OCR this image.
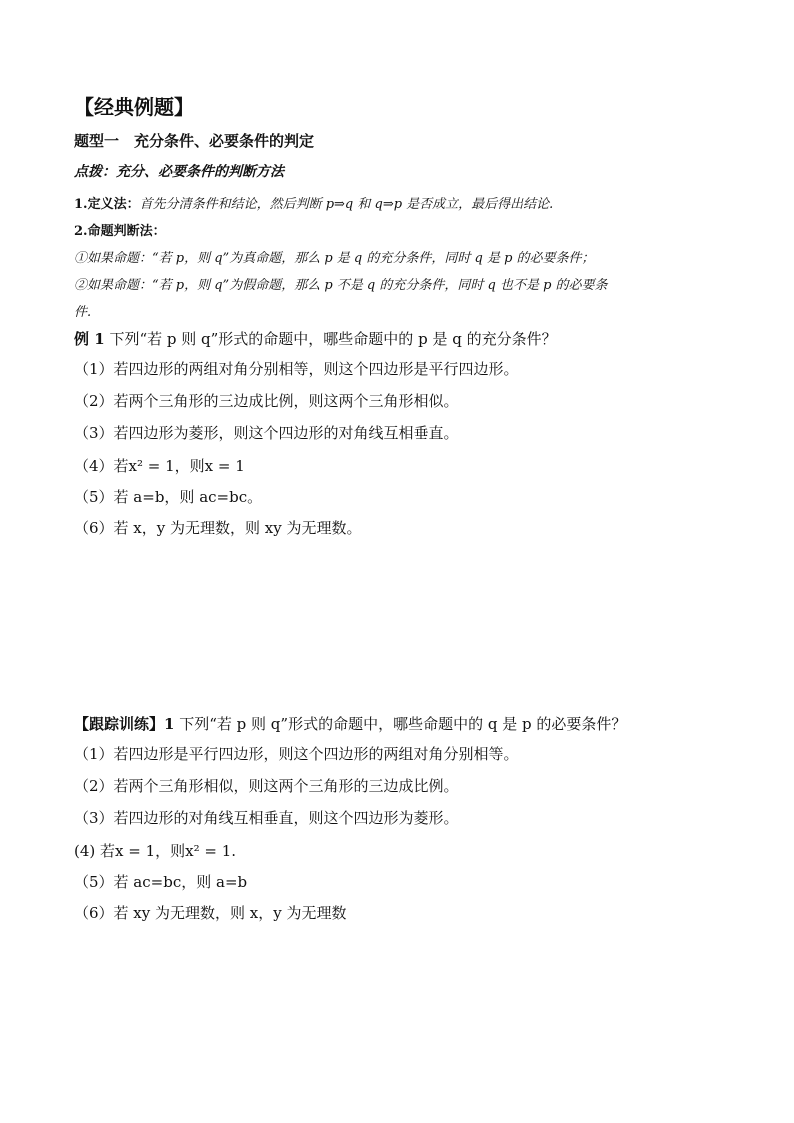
【经典例题】
题型一　充分条件、必要条件的判定
点拨：充分、必要条件的判断方法
1.定义法：首先分清条件和结论，然后判断 p⇒q 和 q⇒p 是否成立，最后得出结论.
2.命题判断法：
①如果命题：“若 p，则 q”为真命题，那么 p 是 q 的充分条件，同时 q 是 p 的必要条件；
②如果命题：“若 p，则 q”为假命题，那么 p 不是 q 的充分条件，同时 q 也不是 p 的必要条
件.
例 1 下列“若 p 则 q”形式的命题中，哪些命题中的 p 是 q 的充分条件？
（1）若四边形的两组对角分别相等，则这个四边形是平行四边形。
（2）若两个三角形的三边成比例，则这两个三角形相似。
（3）若四边形为菱形，则这个四边形的对角线互相垂直。
（4）若x² = 1，则x = 1
（5）若 a=b，则 ac=bc。
（6）若 x，y 为无理数，则 xy 为无理数。
【跟踪训练】1 下列“若 p 则 q”形式的命题中，哪些命题中的 q 是 p 的必要条件？
（1）若四边形是平行四边形，则这个四边形的两组对角分别相等。
（2）若两个三角形相似，则这两个三角形的三边成比例。
（3）若四边形的对角线互相垂直，则这个四边形为菱形。
(4) 若x = 1，则x² = 1.
（5）若 ac=bc，则 a=b
（6）若 xy 为无理数，则 x，y 为无理数
